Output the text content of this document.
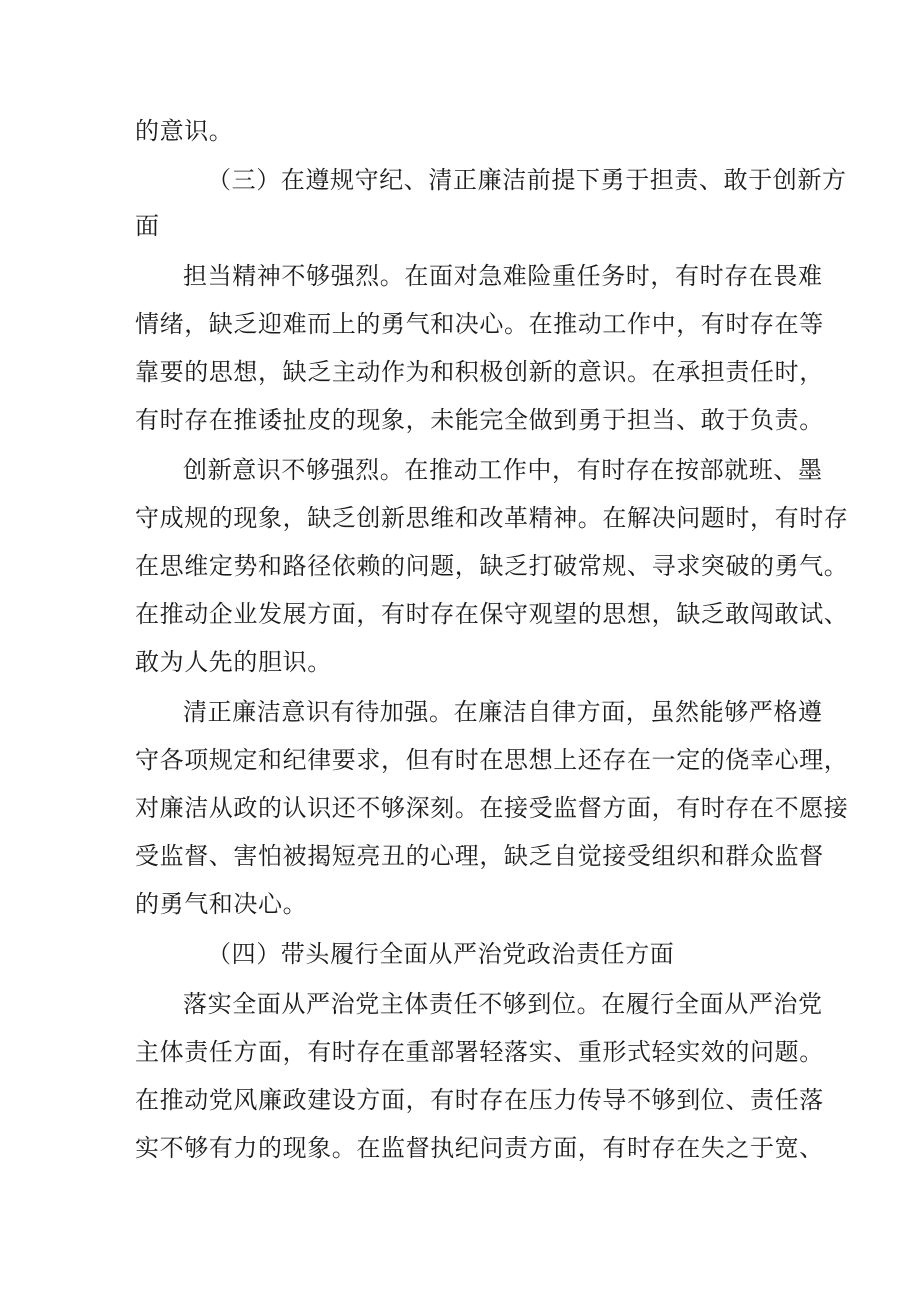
的意识。
（三）在遵规守纪、清正廉洁前提下勇于担责、敢于创新方
面
担当精神不够强烈。在面对急难险重任务时，有时存在畏难
情绪，缺乏迎难而上的勇气和决心。在推动工作中，有时存在等
靠要的思想，缺乏主动作为和积极创新的意识。在承担责任时，
有时存在推诿扯皮的现象，未能完全做到勇于担当、敢于负责。
创新意识不够强烈。在推动工作中，有时存在按部就班、墨
守成规的现象，缺乏创新思维和改革精神。在解决问题时，有时存
在思维定势和路径依赖的问题，缺乏打破常规、寻求突破的勇气。
在推动企业发展方面，有时存在保守观望的思想，缺乏敢闯敢试、
敢为人先的胆识。
清正廉洁意识有待加强。在廉洁自律方面，虽然能够严格遵
守各项规定和纪律要求，但有时在思想上还存在一定的侥幸心理，
对廉洁从政的认识还不够深刻。在接受监督方面，有时存在不愿接
受监督、害怕被揭短亮丑的心理，缺乏自觉接受组织和群众监督
的勇气和决心。
（四）带头履行全面从严治党政治责任方面
落实全面从严治党主体责任不够到位。在履行全面从严治党
主体责任方面，有时存在重部署轻落实、重形式轻实效的问题。
在推动党风廉政建设方面，有时存在压力传导不够到位、责任落
实不够有力的现象。在监督执纪问责方面，有时存在失之于宽、
